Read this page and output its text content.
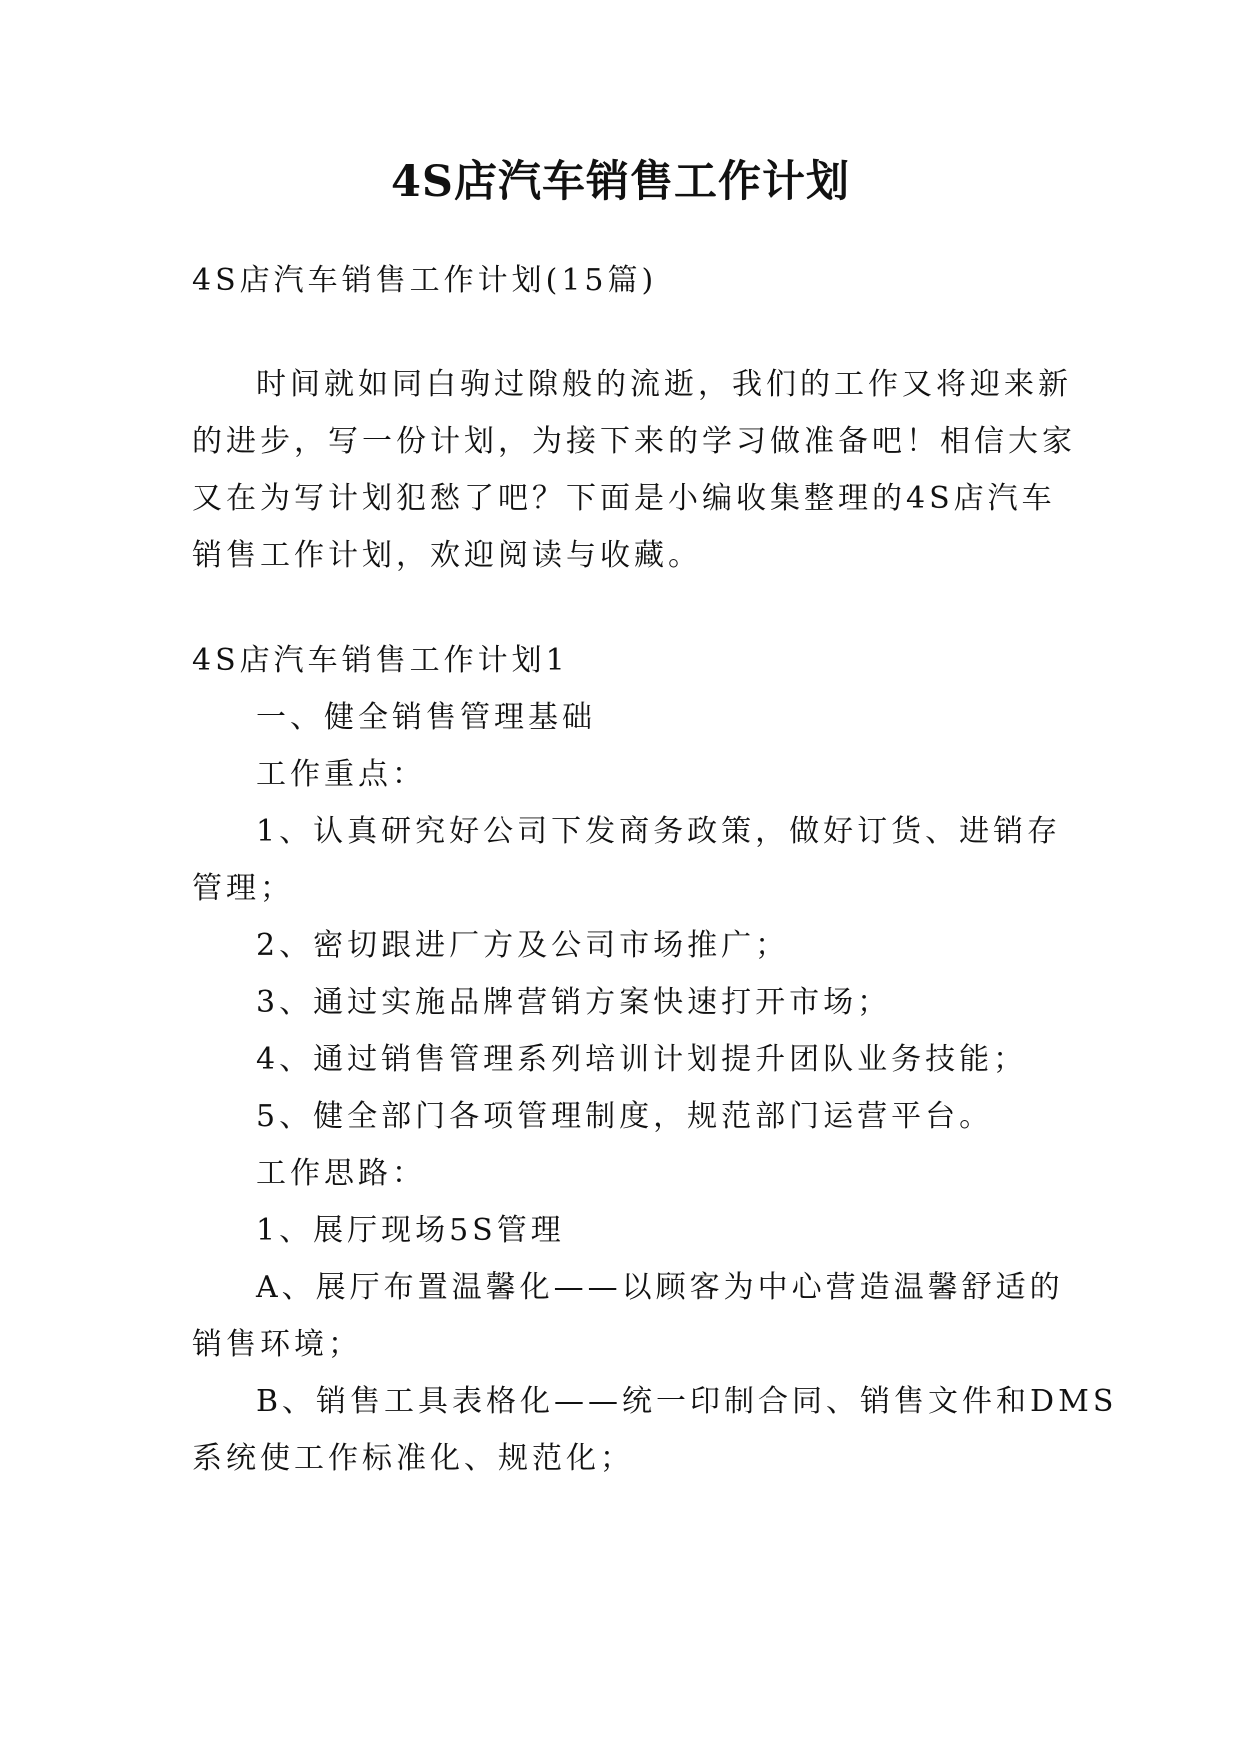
4S店汽车销售工作计划

4S店汽车销售工作计划(15篇)

时间就如同白驹过隙般的流逝，我们的工作又将迎来新

的进步，写一份计划，为接下来的学习做准备吧！相信大家

又在为写计划犯愁了吧？下面是小编收集整理的4S店汽车

销售工作计划，欢迎阅读与收藏。

4S店汽车销售工作计划1

一、健全销售管理基础

工作重点：

1、认真研究好公司下发商务政策，做好订货、进销存

管理；

2、密切跟进厂方及公司市场推广；

3、通过实施品牌营销方案快速打开市场；

4、通过销售管理系列培训计划提升团队业务技能；

5、健全部门各项管理制度，规范部门运营平台。

工作思路：

1、展厅现场5S管理

A、展厅布置温馨化——以顾客为中心营造温馨舒适的

销售环境；

B、销售工具表格化——统一印制合同、销售文件和DMS

系统使工作标准化、规范化；
